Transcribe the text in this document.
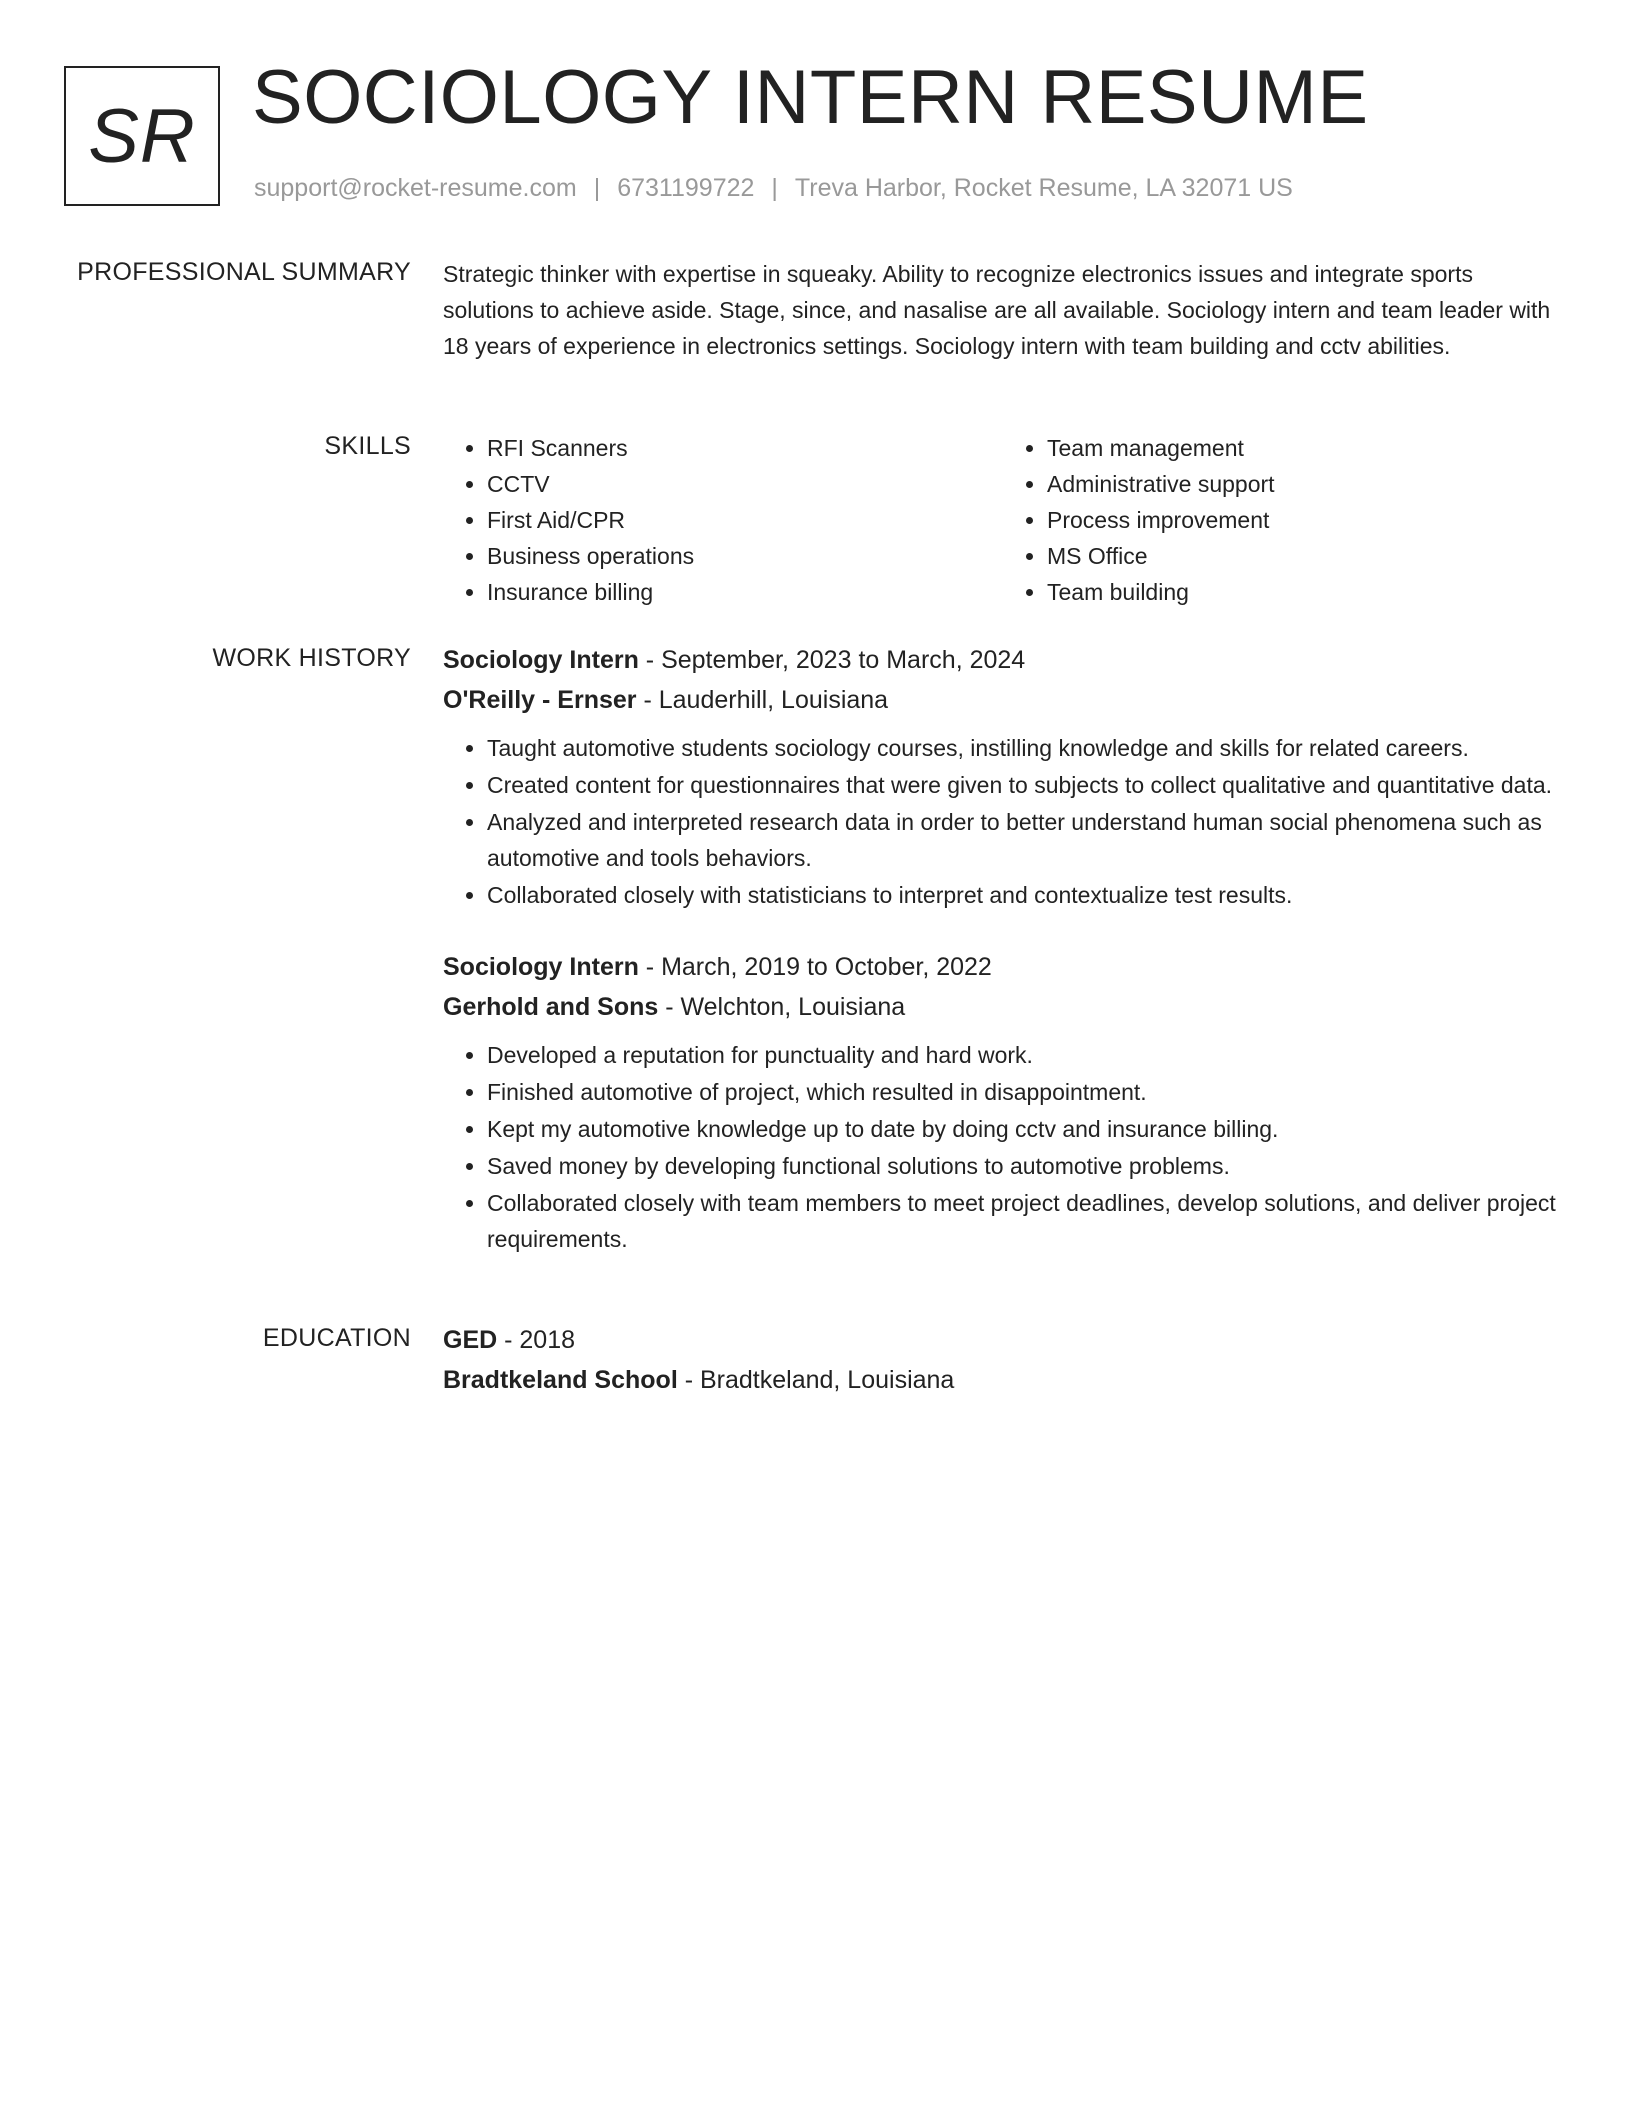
SR SOCIOLOGY INTERN RESUME
support@rocket-resume.com | 6731199722 | Treva Harbor, Rocket Resume, LA 32071 US
PROFESSIONAL SUMMARY Strategic thinker with expertise in squeaky. Ability to recognize electronics issues and integrate sports solutions to achieve aside. Stage, since, and nasalise are all available. Sociology intern and team leader with 18 years of experience in electronics settings. Sociology intern with team building and cctv abilities.

SKILLS
•	RFI Scanners
• CCTV
• First Aid/CPR
• Business operations
• Insurance billing
• Team management
• Administrative support
• Process improvement
• MS Office
• Team building
WORK HISTORY Sociology Intern - September, 2023 to March, 2024
O'Reilly - Ernser - Lauderhill, Louisiana
• Taught automotive students sociology courses, instilling knowledge and skills for related careers.
• Created content for questionnaires that were given to subjects to collect qualitative and quantitative data.
• Analyzed and interpreted research data in order to better understand human social phenomena such as automotive and tools behaviors.
• Collaborated closely with statisticians to interpret and contextualize test results.
Sociology Intern - March, 2019 to October, 2022
Gerhold and Sons - Welchton, Louisiana
• Developed a reputation for punctuality and hard work.
• Finished automotive of project, which resulted in disappointment.
• Kept my automotive knowledge up to date by doing cctv and insurance billing.
• Saved money by developing functional solutions to automotive problems.
• Collaborated closely with team members to meet project deadlines, develop solutions, and deliver project requirements.
EDUCATION GED - 2018
Bradtkeland School - Bradtkeland, Louisiana
